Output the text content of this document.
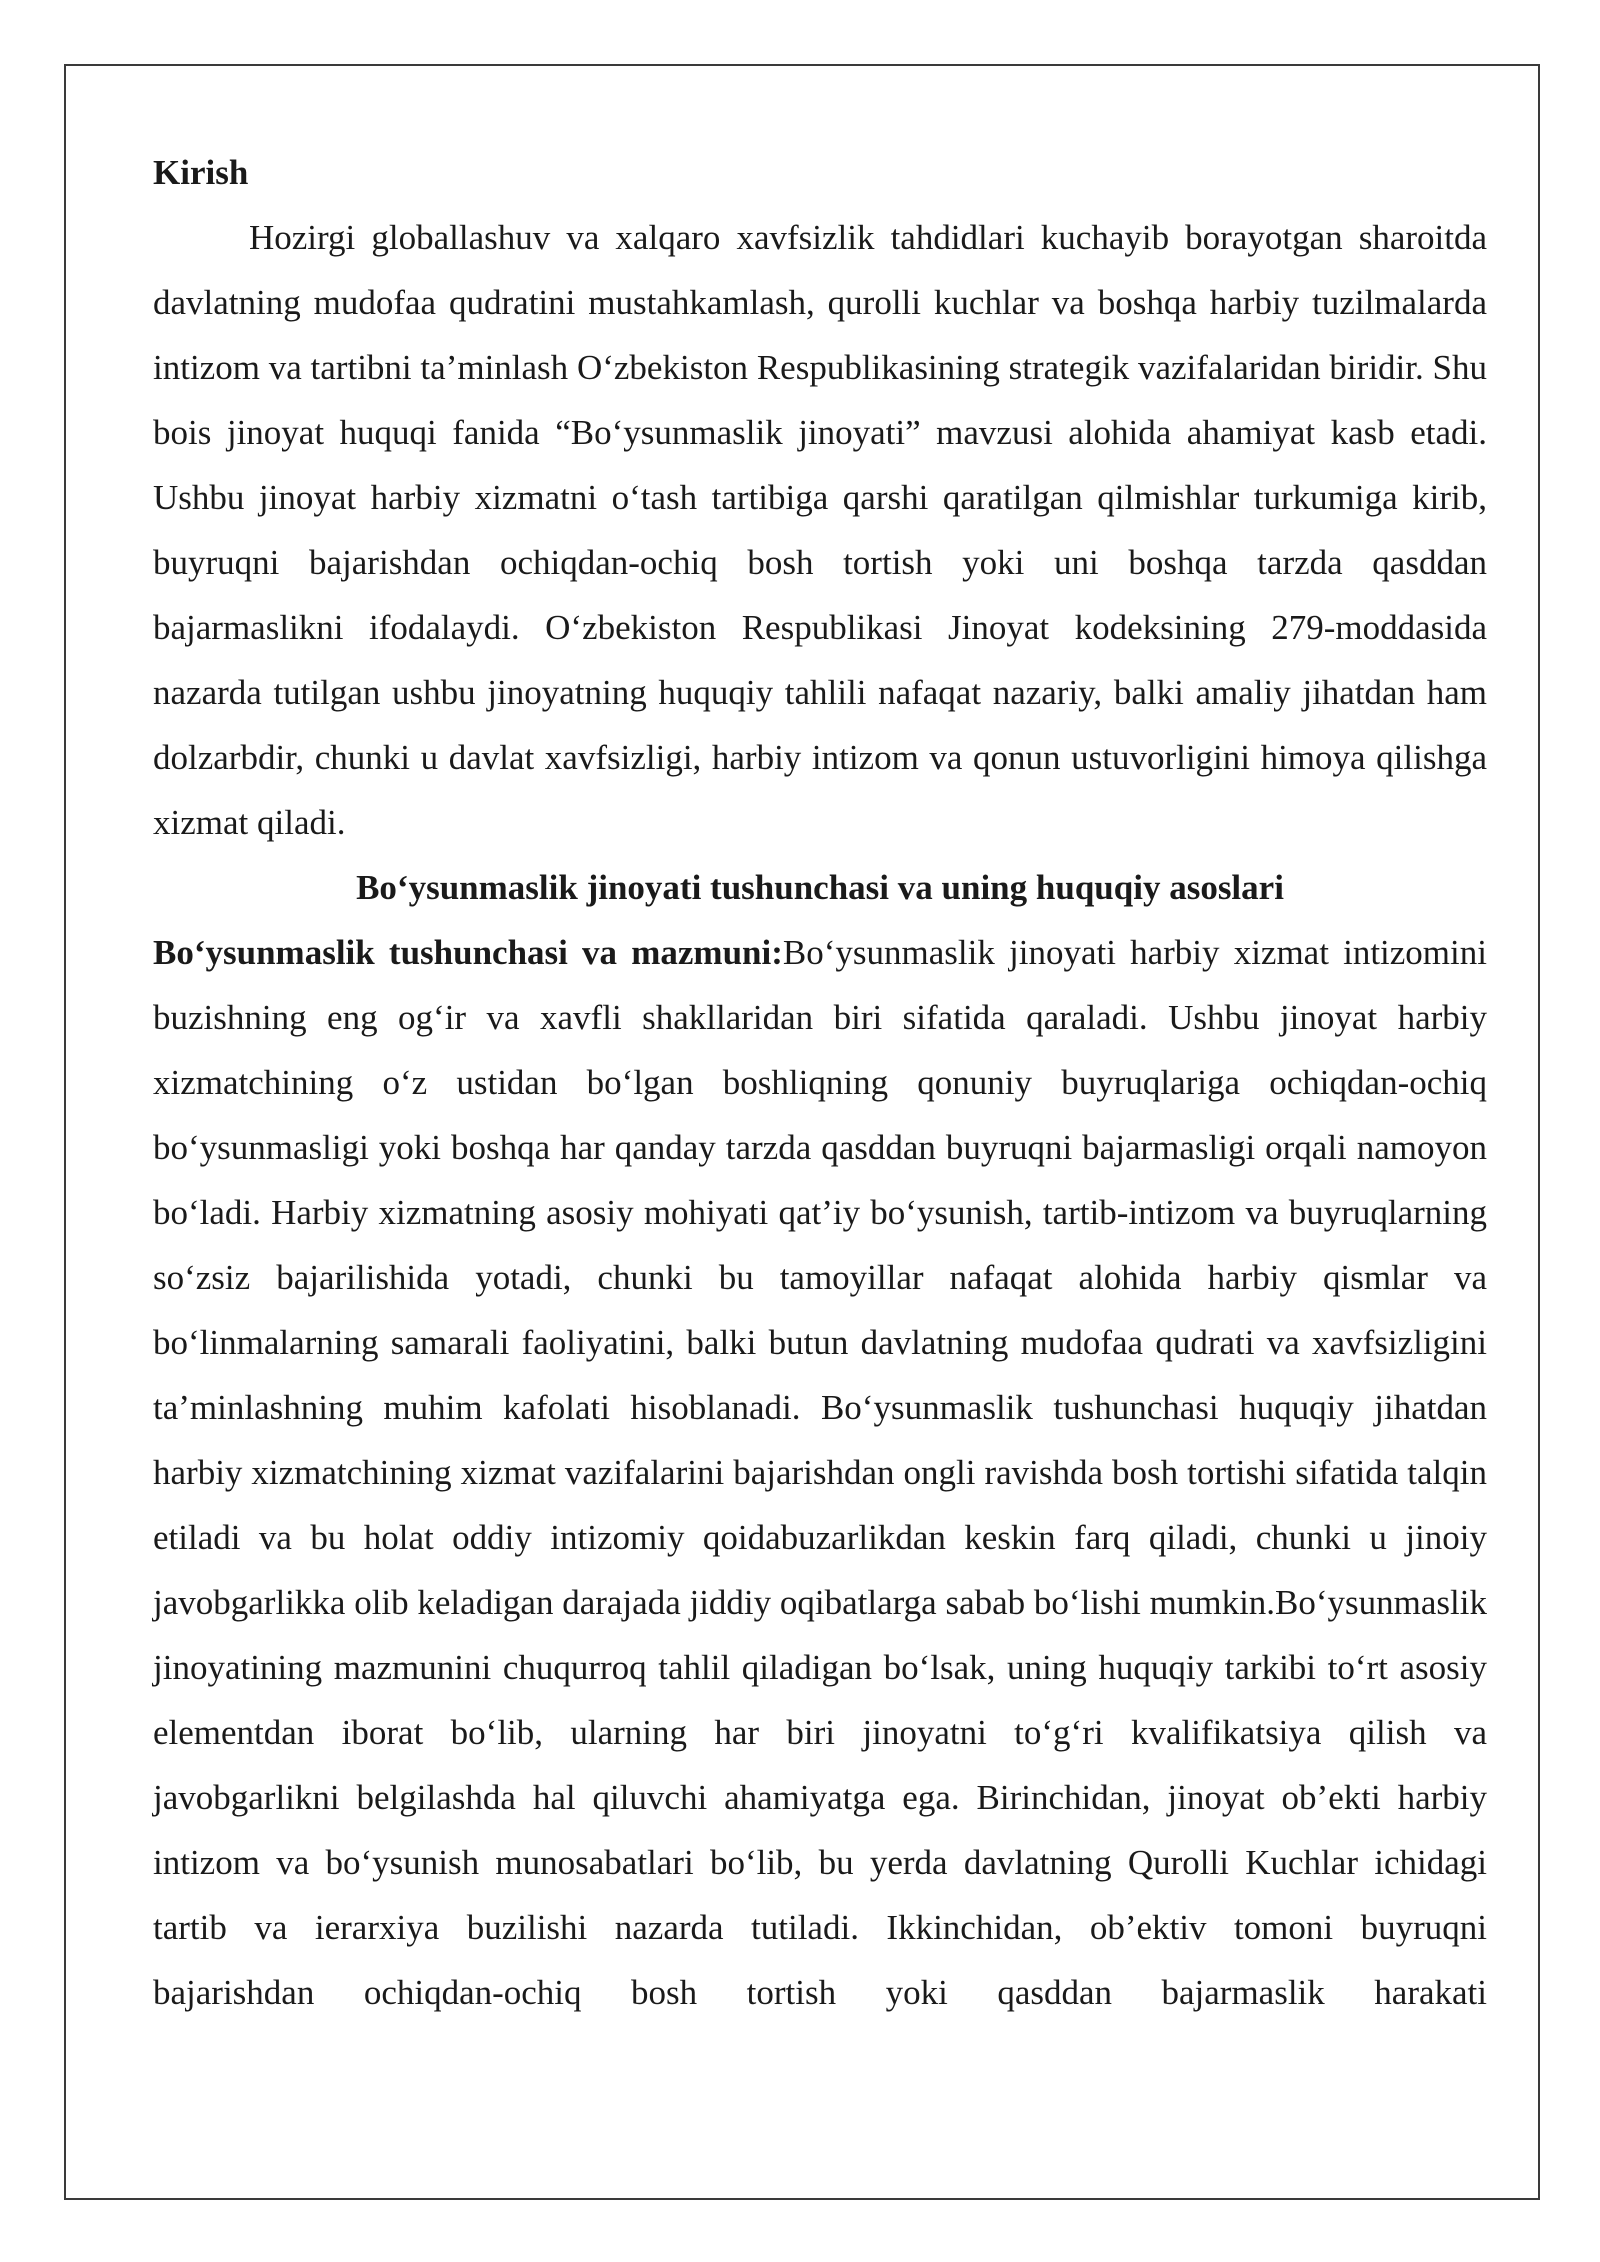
Kirish

Hozirgi globallashuv va xalqaro xavfsizlik tahdidlari kuchayib borayotgan sharoitda davlatning mudofaa qudratini mustahkamlash, qurolli kuchlar va boshqa harbiy tuzilmalarda intizom va tartibni ta’minlash O‘zbekiston Respublikasining strategik vazifalaridan biridir. Shu bois jinoyat huquqi fanida “Bo‘ysunmaslik jinoyati” mavzusi alohida ahamiyat kasb etadi. Ushbu jinoyat harbiy xizmatni o‘tash tartibiga qarshi qaratilgan qilmishlar turkumiga kirib, buyruqni bajarishdan ochiqdan-ochiq bosh tortish yoki uni boshqa tarzda qasddan bajarmaslikni ifodalaydi. O‘zbekiston Respublikasi Jinoyat kodeksining 279-moddasida nazarda tutilgan ushbu jinoyatning huquqiy tahlili nafaqat nazariy, balki amaliy jihatdan ham dolzarbdir, chunki u davlat xavfsizligi, harbiy intizom va qonun ustuvorligini himoya qilishga xizmat qiladi.

Bo‘ysunmaslik jinoyati tushunchasi va uning huquqiy asoslari

Bo‘ysunmaslik tushunchasi va mazmuni:Bo‘ysunmaslik jinoyati harbiy xizmat intizomini buzishning eng og‘ir va xavfli shakllaridan biri sifatida qaraladi. Ushbu jinoyat harbiy xizmatchining o‘z ustidan bo‘lgan boshliqning qonuniy buyruqlariga ochiqdan-ochiq bo‘ysunmasligi yoki boshqa har qanday tarzda qasddan buyruqni bajarmasligi orqali namoyon bo‘ladi. Harbiy xizmatning asosiy mohiyati qat’iy bo‘ysunish, tartib-intizom va buyruqlarning so‘zsiz bajarilishida yotadi, chunki bu tamoyillar nafaqat alohida harbiy qismlar va bo‘linmalarning samarali faoliyatini, balki butun davlatning mudofaa qudrati va xavfsizligini ta’minlashning muhim kafolati hisoblanadi. Bo‘ysunmaslik tushunchasi huquqiy jihatdan harbiy xizmatchining xizmat vazifalarini bajarishdan ongli ravishda bosh tortishi sifatida talqin etiladi va bu holat oddiy intizomiy qoidabuzarlikdan keskin farq qiladi, chunki u jinoiy javobgarlikka olib keladigan darajada jiddiy oqibatlarga sabab bo‘lishi mumkin.Bo‘ysunmaslik jinoyatining mazmunini chuqurroq tahlil qiladigan bo‘lsak, uning huquqiy tarkibi to‘rt asosiy elementdan iborat bo‘lib, ularning har biri jinoyatni to‘g‘ri kvalifikatsiya qilish va javobgarlikni belgilashda hal qiluvchi ahamiyatga ega. Birinchidan, jinoyat ob’ekti harbiy intizom va bo‘ysunish munosabatlari bo‘lib, bu yerda davlatning Qurolli Kuchlar ichidagi tartib va ierarxiya buzilishi nazarda tutiladi. Ikkinchidan, ob’ektiv tomoni buyruqni bajarishdan ochiqdan-ochiq bosh tortish yoki qasddan bajarmaslik harakati
